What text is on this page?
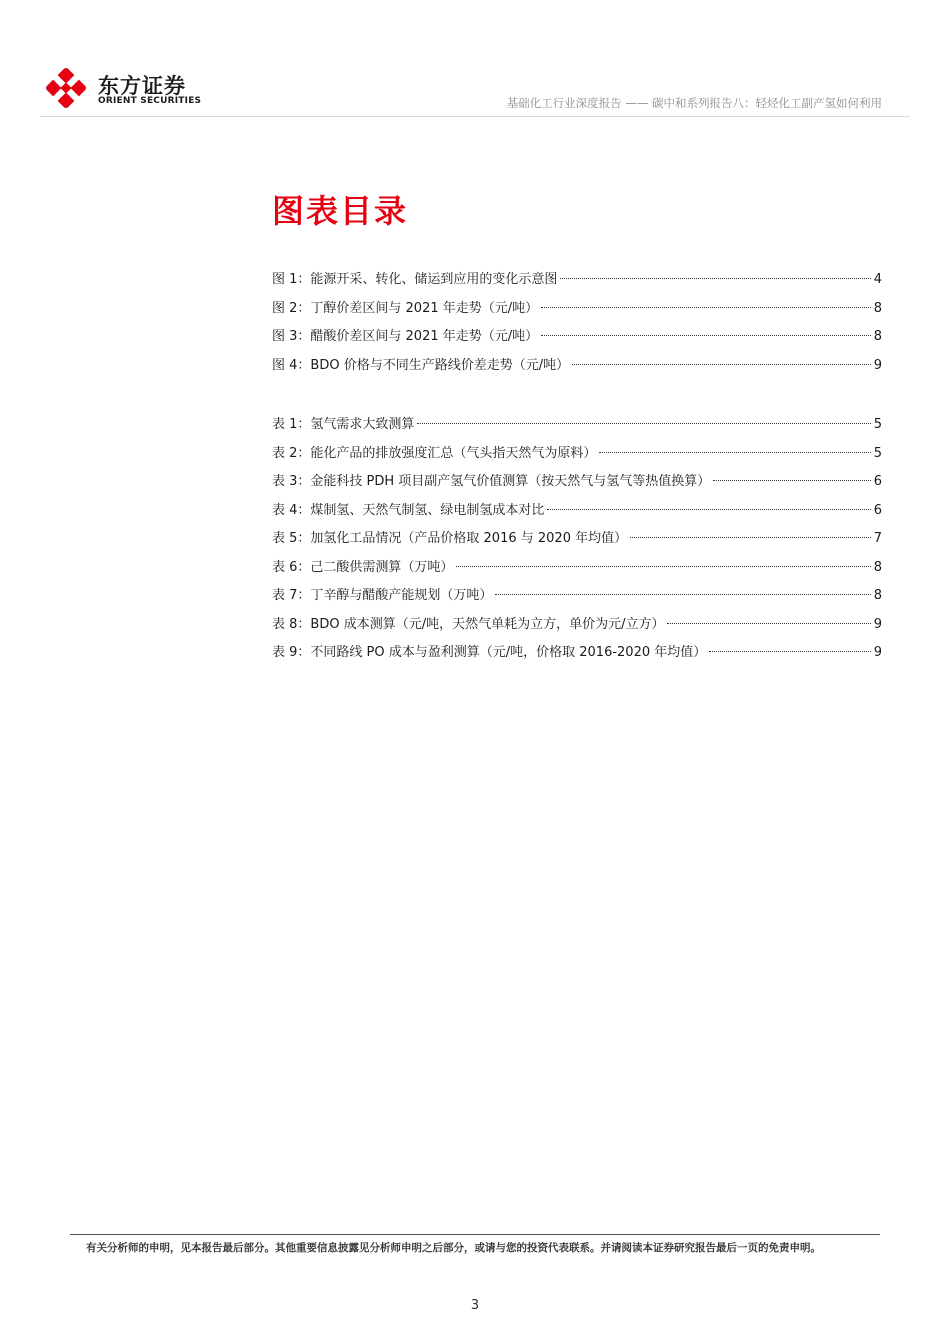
东方证券
ORIENT SECURITIES	基础化工行业深度报告 —— 碳中和系列报告八：轻烃化工副产氢如何利用
图表目录
图 1：能源开采、转化、储运到应用的变化示意图	4
图 2：丁醇价差区间与 2021 年走势（元/吨）	8
图 3：醋酸价差区间与 2021 年走势（元/吨）	8
图 4：BDO 价格与不同生产路线价差走势（元/吨）	9
表 1：氢气需求大致测算	5
表 2：能化产品的排放强度汇总（气头指天然气为原料）	5
表 3：金能科技 PDH 项目副产氢气价值测算（按天然气与氢气等热值换算）	6
表 4：煤制氢、天然气制氢、绿电制氢成本对比	6
表 5：加氢化工品情况（产品价格取 2016 与 2020 年均值）	7
表 6：己二酸供需测算（万吨）	8
表 7：丁辛醇与醋酸产能规划（万吨）	8
表 8：BDO 成本测算（元/吨，天然气单耗为立方，单价为元/立方）	9
表 9：不同路线 PO 成本与盈利测算（元/吨，价格取 2016-2020 年均值）	9
有关分析师的申明，见本报告最后部分。其他重要信息披露见分析师申明之后部分，或请与您的投资代表联系。并请阅读本证券研究报告最后一页的免责申明。
3
